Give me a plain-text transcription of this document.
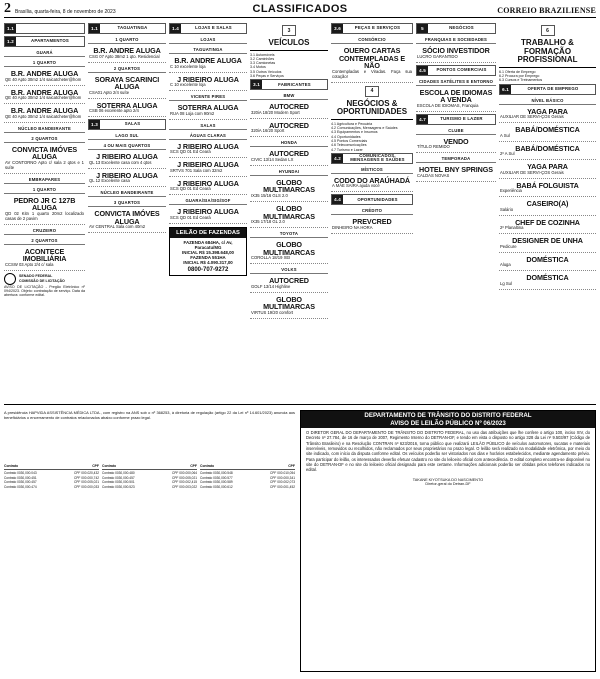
2 Brasília, quarta-feira, 8 de novembro de 2023	CLASSIFICADOS	CORREIO BRAZILIENSE
1.1
1.2	APARTAMENTOS
GUARÁ
1 QUARTO
B.R. ANDRE ALUGA
QE 40 Apto 30m2 1/4 saicatcheter@hom
B.R. ANDRE ALUGA
QE 40 Apto 30m2 1/4 saicatcheter@hom
B.R. ANDRE ALUGA
QE 40 Apto 30m2 1/4 saicatcheter@hom
NÚCLEO BANDEIRANTE
2 QUARTOS
CONVICTA IMÓVES ALUGA
AV CONTORNO Apto c/ sala 2 qtos e 1 suíte
EMBRAPARES
1 QUARTO
PEDRO JR C 127B ALUGA
QD 02 Kitn 1 quarto 20m2 localizado casas de 2 pavim
CRUZEIRO
2 QUARTOS
ACONTECE IMOBILIÁRIA
CCSW 03 Apto 2/4 c/ sala
SENADO FEDERAL
COMISSÃO DE LICITAÇÃO
AVISO DE LICITAÇÃO - Pregão Eletrônico nº 094/2023. Objeto: contratação de serviço. Data da abertura: conforme edital.
1.1	TAGUATINGA
1 QUARTO
B.R. ANDRE ALUGA
CSG 07 Apto 38m2 1 qto. Residencial
2 QUARTOS
SORAYA SCARINCI ALUGA
CSA01 Apto 2/4 suíte
SOTERRA ALUGA
CSB 06 excelente apto 2/4
1.3	SALAS
LAGO SUL
4 OU MAIS QUARTOS
J RIBEIRO ALUGA
QL 13 Excelente casa com 4 qtos
J RIBEIRO ALUGA
QL 12 Excelente casa
NÚCLEO BANDEIRANTE
3 QUARTOS
CONVICTA IMÓVES ALUGA
AV CENTRAL Sala com 40m2
1.4	LOJAS E SALAS
LOJAS
TAGUATINGA
B.R. ANDRE ALUGA
C 10 excelente loja
J RIBEIRO ALUGA
C 10 excelente loja
VICENTE PIRES
SOTERRA ALUGA
RUA 08 Loja com 90m2
SALAS
ÁGUAS CLARAS
J RIBEIRO ALUGA
SCS QD 01 Ed Ceará
J RIBEIRO ALUGA
SRTVS 701 Sala com 32m2
J RIBEIRO ALUGA
SCS QD 01 Ed Ceará
GUARA/SIA/SIG/SOF
J RIBEIRO ALUGA
SCS QD 01 Ed Ceará
LEILÃO DE FAZENDAS
FAZENDA 684HA, c/ Av,
Paracatu/MG
INICIAL R$ 15.398.648,00
FAZENDA 551HA
INICIAL R$ 4.090.317,00
0800-707-9272
3
VEÍCULOS
3.1 Automóveis
3.2 Caminhões
3.3 Camionetas
3.4 Motos
3.5 Outros Veículos
3.6 Peças e Serviços
3.1	FABRICANTES
BMW
AUTOCRED
320iA 18/20 Modern Sport
AUTOCRED
320iA 16/20 Sport
HONDA
AUTOCRED
CIVIC 13/14 Sedan LX
HYUNDAI
GLOBO MULTIMARCAS
IX35 15/16 GLS 2.0
GLOBO MULTIMARCAS
IX35 17/18 GL 2.0
TOYOTA
GLOBO MULTIMARCAS
COROLLA 18/19 XEI
VOLKS
AUTOCRED
GOLF 13/14 Highline
GLOBO MULTIMARCAS
VIRTUS 19/20 comfort
3.6	PEÇAS E SERVIÇOS
CONSÓRCIO
OUERO CARTAS CONTEMPLADAS E NÃO
Contempladas e Viradas. Faça sua cotação!
4
NEGÓCIOS & OPORTUNIDADES
4.1 Agricultura e Pecuária
4.2 Comunicações, Mensagens e Saúdes
4.3 Equipamentos e Insumos
4.4 Oportunidades
4.5 Pontos Comerciais
4.6 Telecomunicações
4.7 Turismo e Lazer
4.2
COMUNICADOS, MENSAGENS E SAÚDES
MÍSTICOS
CODO DO ARAÚHADÁ
A MÃE SAÍRA ajuda você
4.4	OPORTUNIDADES
CRÉDITO
PREVCRED
DINHEIRO NA HORA
5	NEGÓCIOS
FRANQUIAS E SOCIEDADES
SÓCIO INVESTIDOR
LUCRO GARANTIDO
4.5	PONTOS COMERCIAIS
CIDADES SATÉLITES E ENTORNO
ESCOLA DE IDIOMAS A VENDA
ESCOLA DE IDIOMAS, Franquia
4.7	TURISMO E LAZER
CLUBE
VENDO
TÍTULO REMIDO
TEMPORADA
HOTEL BNY SPRINGS
CALDAS NOVAS
6
TRABALHO & FORMAÇÃO PROFISSIONAL
6.1 Oferta de Emprego
6.2 Procura por Emprego
6.3 Cursos e Treinamentos
6.1	OFERTA DE EMPREGO
NÍVEL BÁSICO
YAGA PARA
AUXILIAR DE SERVI-ÇOS Gerais
BABÁ/DOMÉSTICA
A Sul
BABÁ/DOMÉSTICA
2º A Sul
YAGA PARA
AUXILIAR DE SERVI-ÇOS Gerais
BABÁ FOLGUISTA
Experiência
CASEIRO(A)
Salário
CHEF DE COZINHA
2º Planaltina
DESIGNER DE UNHA
Pedicure
DOMÉSTICA
Aluga
DOMÉSTICA
Lg Sul
A presidência HAPVIDA ASSISTÊNCIA MÉDICA LTDA., com registro na ANS sob o nº 368253, à diretoria de regulação (artigo 22 da Lei nº 14.601/2023) anuncia aos beneficiários o encerramento de contratos relacionados abaixo conforme prazo legal.
Contrato	CPF
Contrato 0030,000.043	CPF 000.020,432
Contrato 0030,000.451	CPF 000.000,742
Contrato 0030,000.457	CPF 000.005,021
Contrato 0030,000.474	CPF 000.000,033
Contrato	CPF
Contrato 0030,000.480	CPF 000.000,064
Contrato 0030,000.457	CPF 000.005,021
Contrato 0030,000.501	CPF 000.002,415
Contrato 0030,000.523	CPF 000.003,022
Contrato	CPF
Contrato 0030,000.548	CPF 000.010,054
Contrato 0030,000.577	CPF 000.000,341
Contrato 0030,000.589	CPF 000.002,073
Contrato 0030,000.612	CPF 000.001,452
DEPARTAMENTO DE TRÂNSITO DO DISTRITO FEDERAL
AVISO DE LEILÃO PÚBLICO Nº 06/2023
O DIRETOR GERAL DO DEPARTAMENTO DE TRÂNSITO DO DISTRITO FEDERAL, no uso das atribuições que lhe confere o artigo 100, inciso XIV, do Decreto nº 27.784, de 16 de março de 2007, Regimento Interno do DETRAN-DF, e tendo em vista o disposto no artigo 328 da Lei nº 9.503/97 (Código de Trânsito Brasileiro) e na Resolução CONTRAN nº 623/2016, torna público que realizará LEILÃO PÚBLICO de veículos automotores, sucatas e materiais inservíveis, removidos ou recolhidos, não reclamados por seus proprietários no prazo legal. O leilão será realizado na modalidade eletrônica, por meio do site indicado, com início da disputa conforme edital. Os veículos poderão ser vistoriados nos dias e horários estabelecidos, mediante agendamento prévio. Para participar do leilão, os interessados deverão efetuar cadastro no site do leiloeiro oficial com antecedência. O edital completo encontra-se disponível no site do DETRAN-DF e no site do leiloeiro oficial designado para este certame. Informações adicionais poderão ser obtidas pelos telefones indicados no edital.
TAKANE KIYOTSUKA DO NASCIMENTO
Diretor-geral do Detran-DF
